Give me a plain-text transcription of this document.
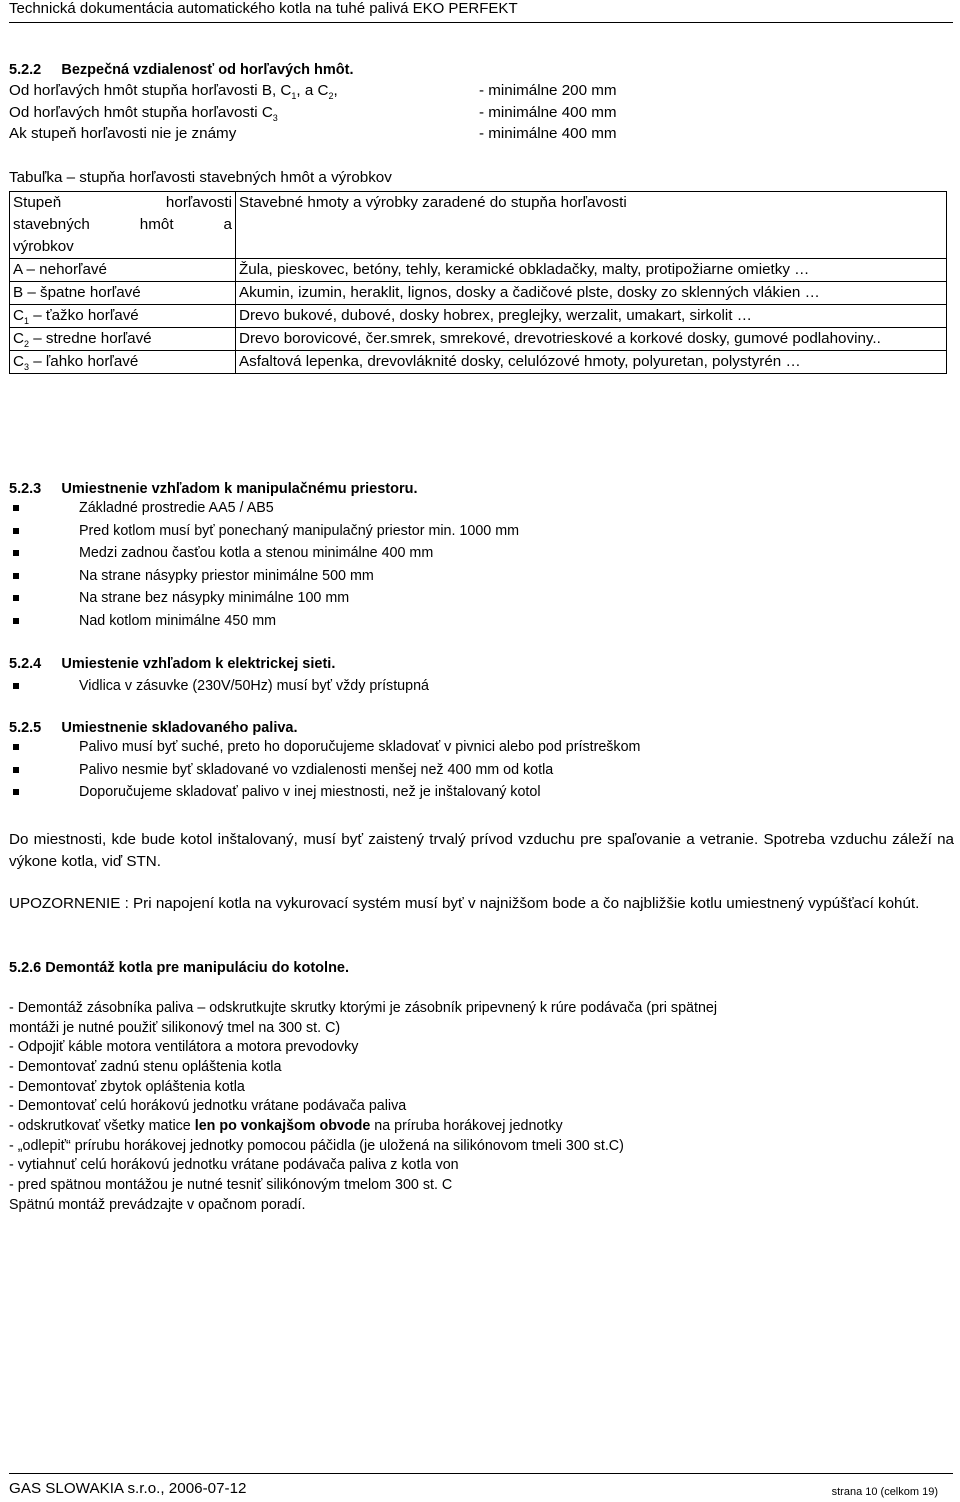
Technická dokumentácia automatického kotla na tuhé palivá EKO PERFEKT
5.2.2     Bezpečná vzdialenosť od horľavých hmôt.
Od horľavých hmôt stupňa horľavosti B, $C_1$, a $C_2$,	- minimálne 200 mm
Od horľavých hmôt stupňa horľavosti $C_3$	- minimálne 400 mm
Ak stupeň horľavosti nie je známy	- minimálne 400 mm
Tabuľka – stupňa horľavosti stavebných hmôt a výrobkov
Stupeň horľavosti
stavebných hmôt a
výrobkov	Stavebné hmoty a výrobky zaradené do stupňa horľavosti
A – nehorľavé	Žula, pieskovec, betóny, tehly, keramické obkladačky, malty, protipožiarne omietky …
B – špatne horľavé	Akumin, izumin, heraklit, lignos, dosky a čadičové plste, dosky zo sklenných vlákien …
$C_1$ – ťažko horľavé	Drevo bukové, dubové, dosky hobrex, preglejky, werzalit, umakart, sirkolit …
$C_2$ – stredne horľavé	Drevo borovicové, čer.smrek, smrekové, drevotrieskové a korkové dosky, gumové podlahoviny..
$C_3$ – ľahko horľavé	Asfaltová lepenka, drevovláknité dosky, celulózové hmoty, polyuretan, polystyrén …
5.2.3     Umiestnenie vzhľadom k manipulačnému priestoru.
Základné prostredie AA5 / AB5
Pred kotlom musí byť ponechaný manipulačný priestor min. 1000 mm
Medzi zadnou časťou kotla a stenou minimálne 400 mm
Na strane násypky priestor minimálne 500 mm
Na strane bez násypky minimálne 100 mm
Nad kotlom minimálne 450 mm
5.2.4     Umiestenie vzhľadom k elektrickej sieti.
Vidlica v zásuvke (230V/50Hz) musí byť vždy prístupná
5.2.5     Umiestnenie skladovaného paliva.
Palivo musí byť suché, preto ho doporučujeme skladovať v pivnici alebo pod prístreškom
Palivo nesmie byť skladované vo vzdialenosti menšej než 400 mm od kotla
Doporučujeme skladovať palivo v inej miestnosti, než je inštalovaný kotol
Do miestnosti, kde bude kotol inštalovaný, musí byť zaistený trvalý prívod vzduchu pre spaľovanie a vetranie. Spotreba vzduchu záleží na výkone kotla, viď STN.
UPOZORNENIE : Pri napojení kotla na vykurovací systém musí byť v najnižšom bode a čo najbližšie kotlu umiestnený vypúšťací kohút.
5.2.6 Demontáž kotla pre manipuláciu do kotolne.
- Demontáž zásobníka paliva – odskrutkujte skrutky ktorými je zásobník pripevnený k rúre podávača (pri spätnej
montáži je nutné použiť silikonový tmel na 300 st. C)
- Odpojiť káble motora ventilátora a motora prevodovky
- Demontovať zadnú stenu opláštenia kotla
- Demontovať zbytok opláštenia kotla
- Demontovať celú horákovú jednotku vrátane podávača paliva
- odskrutkovať všetky matice len po vonkajšom obvode na príruba horákovej jednotky
- „odlepiť“ prírubu horákovej jednotky pomocou páčidla (je uložená na silikónovom tmeli 300 st.C)
- vytiahnuť celú horákovú jednotku vrátane podávača paliva z kotla von
- pred spätnou montážou je nutné tesniť silikónovým tmelom 300 st. C
Spätnú montáž prevádzajte v opačnom poradí.
GAS SLOWAKIA s.r.o., 2006-07-12	strana 10 (celkom 19)
